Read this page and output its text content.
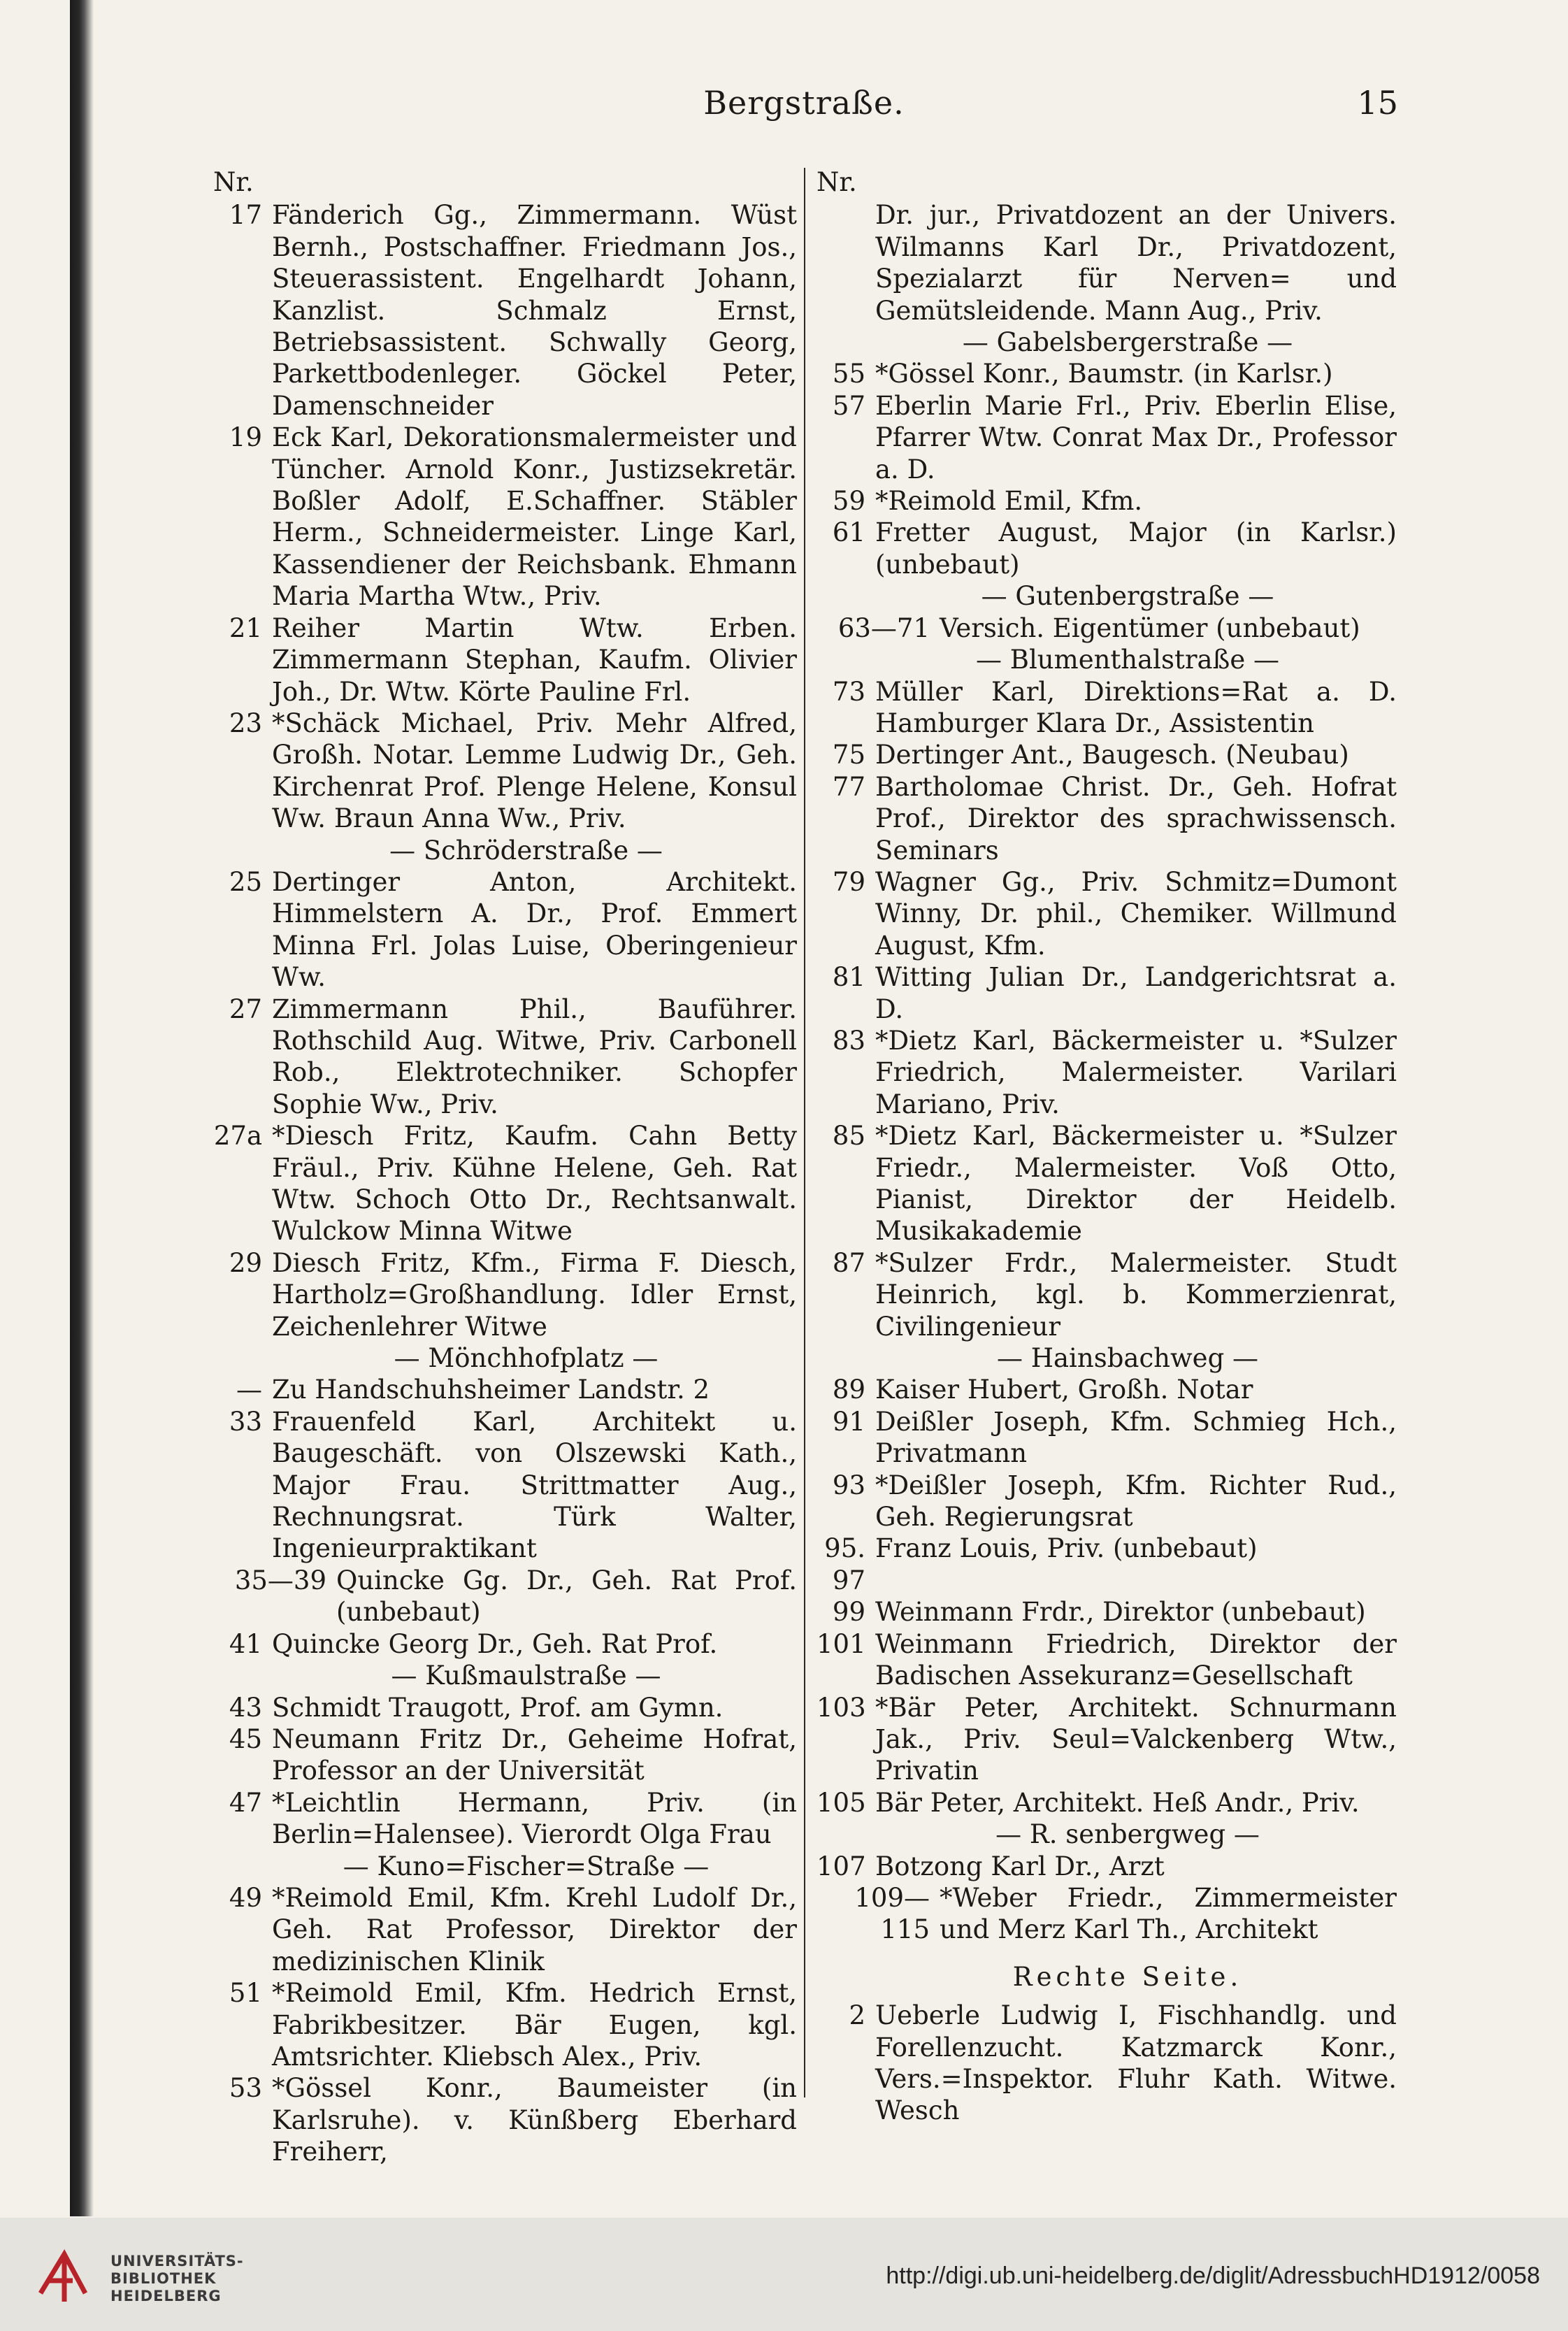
Bergstraße.	15
Nr.
17 Fänderich Gg., Zimmermann. Wüst Bernh., Postschaffner. Friedmann Jos., Steuerassistent. Engelhardt Johann, Kanzlist. Schmalz Ernst, Betriebsassistent. Schwally Georg, Parkettbodenleger. Göckel Peter, Damenschneider
19 Eck Karl, Dekorationsmalermeister und Tüncher. Arnold Konr., Justizsekretär. Boßler Adolf, E.Schaffner. Stäbler Herm., Schneidermeister. Linge Karl, Kassendiener der Reichsbank. Ehmann Maria Martha Wtw., Priv.
21 Reiher Martin Wtw. Erben. Zimmermann Stephan, Kaufm. Olivier Joh., Dr. Wtw. Körte Pauline Frl.
23 *Schäck Michael, Priv. Mehr Alfred, Großh. Notar. Lemme Ludwig Dr., Geh. Kirchenrat Prof. Plenge Helene, Konsul Ww. Braun Anna Ww., Priv.
— Schröderstraße —
25 Dertinger Anton, Architekt. Himmelstern A. Dr., Prof. Emmert Minna Frl. Jolas Luise, Oberingenieur Ww.
27 Zimmermann Phil., Bauführer. Rothschild Aug. Witwe, Priv. Carbonell Rob., Elektrotechniker. Schopfer Sophie Ww., Priv.
27a *Diesch Fritz, Kaufm. Cahn Betty Fräul., Priv. Kühne Helene, Geh. Rat Wtw. Schoch Otto Dr., Rechtsanwalt. Wulckow Minna Witwe
29 Diesch Fritz, Kfm., Firma F. Diesch, Hartholz=Großhandlung. Idler Ernst, Zeichenlehrer Witwe
— Mönchhofplatz —
— Zu Handschuhsheimer Landstr. 2
33 Frauenfeld Karl, Architekt u. Baugeschäft. von Olszewski Kath., Major Frau. Strittmatter Aug., Rechnungsrat. Türk Walter, Ingenieurpraktikant
35—39 Quincke Gg. Dr., Geh. Rat Prof. (unbebaut)
41 Quincke Georg Dr., Geh. Rat Prof.
— Kußmaulstraße —
43 Schmidt Traugott, Prof. am Gymn.
45 Neumann Fritz Dr., Geheime Hofrat, Professor an der Universität
47 *Leichtlin Hermann, Priv. (in Berlin=Halensee). Vierordt Olga Frau
— Kuno=Fischer=Straße —
49 *Reimold Emil, Kfm. Krehl Ludolf Dr., Geh. Rat Professor, Direktor der medizinischen Klinik
51 *Reimold Emil, Kfm. Hedrich Ernst, Fabrikbesitzer. Bär Eugen, kgl. Amtsrichter. Kliebsch Alex., Priv.
53 *Gössel Konr., Baumeister (in Karlsruhe). v. Künßberg Eberhard Freiherr,
Nr.
Dr. jur., Privatdozent an der Univers. Wilmanns Karl Dr., Privatdozent, Spezialarzt für Nerven= und Gemütsleidende. Mann Aug., Priv.
— Gabelsbergerstraße —
55 *Gössel Konr., Baumstr. (in Karlsr.)
57 Eberlin Marie Frl., Priv. Eberlin Elise, Pfarrer Wtw. Conrat Max Dr., Professor a. D.
59 *Reimold Emil, Kfm.
61 Fretter August, Major (in Karlsr.) (unbebaut)
— Gutenbergstraße —
63—71 Versich. Eigentümer (unbebaut)
— Blumenthalstraße —
73 Müller Karl, Direktions=Rat a. D. Hamburger Klara Dr., Assistentin
75 Dertinger Ant., Baugesch. (Neubau)
77 Bartholomae Christ. Dr., Geh. Hofrat Prof., Direktor des sprachwissensch. Seminars
79 Wagner Gg., Priv. Schmitz=Dumont Winny, Dr. phil., Chemiker. Willmund August, Kfm.
81 Witting Julian Dr., Landgerichtsrat a. D.
83 *Dietz Karl, Bäckermeister u. *Sulzer Friedrich, Malermeister. Varilari Mariano, Priv.
85 *Dietz Karl, Bäckermeister u. *Sulzer Friedr., Malermeister. Voß Otto, Pianist, Direktor der Heidelb. Musikakademie
87 *Sulzer Frdr., Malermeister. Studt Heinrich, kgl. b. Kommerzienrat, Civilingenieur
— Hainsbachweg —
89 Kaiser Hubert, Großh. Notar
91 Deißler Joseph, Kfm. Schmieg Hch., Privatmann
93 *Deißler Joseph, Kfm. Richter Rud., Geh. Regierungsrat
95. 97
Franz Louis, Priv. (unbebaut)
99 Weinmann Frdr., Direktor (unbebaut)
101 Weinmann Friedrich, Direktor der Badischen Assekuranz=Gesellschaft
103 *Bär Peter, Architekt. Schnurmann Jak., Priv. Seul=Valckenberg Wtw., Privatin
105 Bär Peter, Architekt. Heß Andr., Priv.
— R. senbergweg —
107 Botzong Karl Dr., Arzt
109—115
*Weber Friedr., Zimmermeister und Merz Karl Th., Architekt
Rechte Seite.
2 Ueberle Ludwig I, Fischhandlg. und Forellenzucht. Katzmarck Konr., Vers.=Inspektor. Fluhr Kath. Witwe. Wesch
UNIVERSITÄTS-
BIBLIOTHEK
HEIDELBERG
http://digi.ub.uni-heidelberg.de/diglit/AdressbuchHD1912/0058
